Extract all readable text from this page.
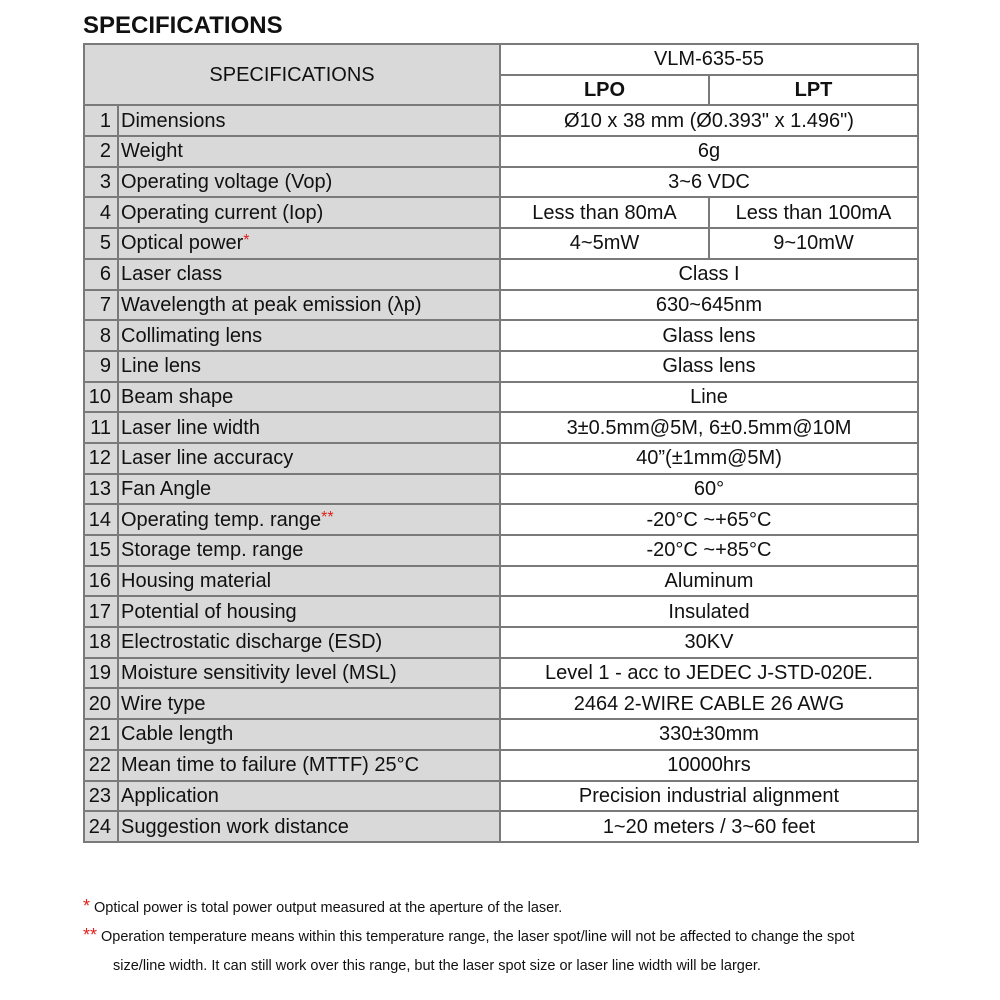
SPECIFICATIONS
SPECIFICATIONS		VLM-635-55	
		LPO	LPT
1	Dimensions	Ø10 x 38 mm (Ø0.393" x 1.496")	
2	Weight	6g	
3	Operating voltage (Vop)	3~6 VDC	
4	Operating current (Iop)	Less than 80mA	Less than 100mA
5	Optical power*	4~5mW	9~10mW
6	Laser class	Class I	
7	Wavelength at peak emission (λp)	630~645nm	
8	Collimating lens	Glass lens	
9	Line lens	Glass lens	
10	Beam shape	Line	
11	Laser line width	3±0.5mm@5M, 6±0.5mm@10M	
12	Laser line accuracy	40”(±1mm@5M)	
13	Fan Angle	60°	
14	Operating temp. range**	-20°C ~+65°C	
15	Storage temp. range	-20°C ~+85°C	
16	Housing material	Aluminum	
17	Potential of housing	Insulated	
18	Electrostatic discharge (ESD)	30KV	
19	Moisture sensitivity level (MSL)	Level 1 - acc to JEDEC J-STD-020E.	
20	Wire type	2464 2-WIRE CABLE 26 AWG	
21	Cable length	330±30mm	
22	Mean time to failure (MTTF) 25°C	10000hrs	
23	Application	Precision industrial alignment	
24	Suggestion work distance	1~20 meters / 3~60 feet	

* Optical power is total power output measured at the aperture of the laser.

** Operation temperature means within this temperature range, the laser spot/line will not be affected to change the spot
size/line width. It can still work over this range, but the laser spot size or laser line width will be larger.
